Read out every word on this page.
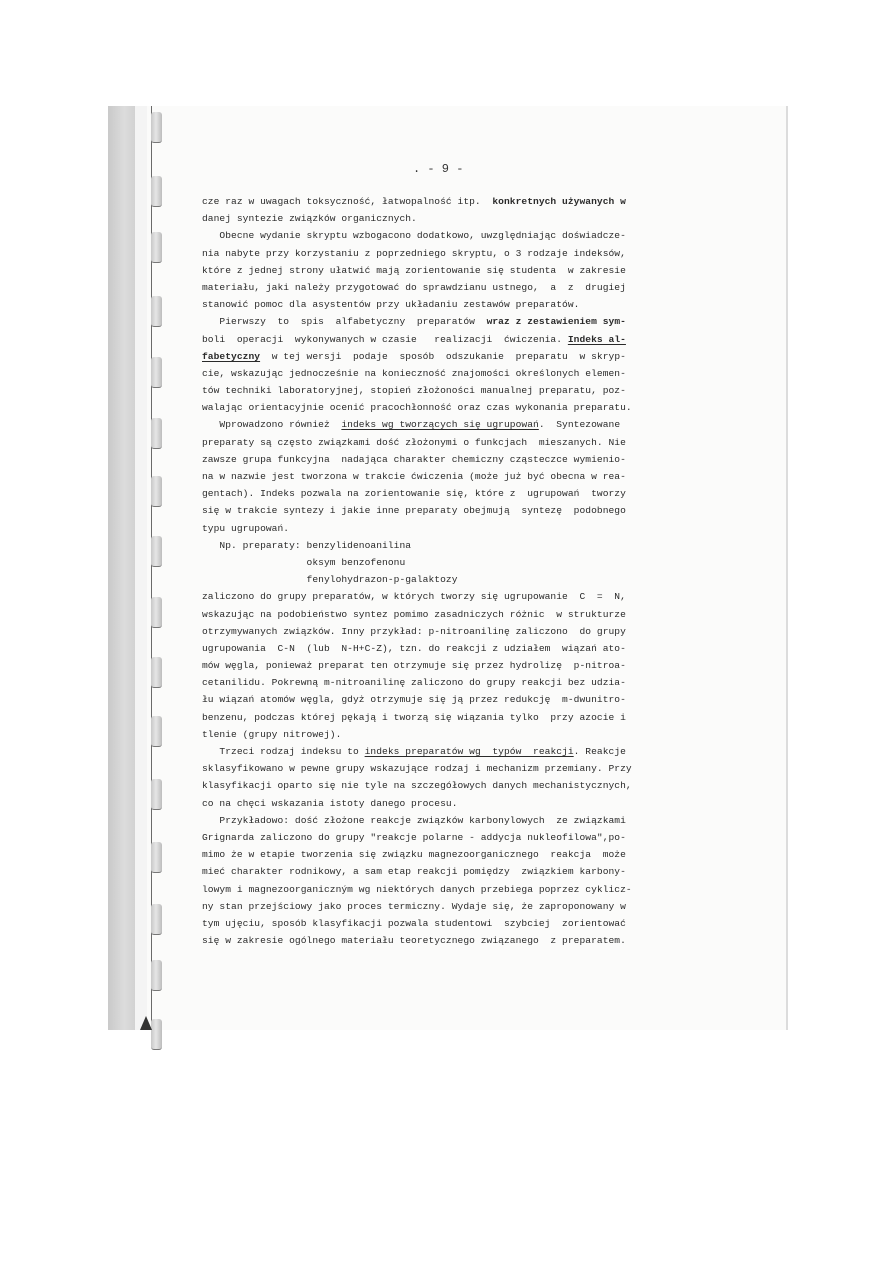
. - 9 -
cze raz w uwagach toksyczność, łatwopalność itp.  konkretnych używanych w
danej syntezie związków organicznych.
Obecne wydanie skryptu wzbogacono dodatkowo, uwzględniając doświadcze-
nia nabyte przy korzystaniu z poprzedniego skryptu, o 3 rodzaje indeksów,
które z jednej strony ułatwić mają zorientowanie się studenta  w zakresie
materiału, jaki należy przygotować do sprawdzianu ustnego,  a  z  drugiej
stanowić pomoc dla asystentów przy układaniu zestawów preparatów.
Pierwszy  to  spis  alfabetyczny  preparatów  wraz z zestawieniem sym-
boli  operacji  wykonywanych w czasie   realizacji  ćwiczenia. Indeks al-
fabetyczny  w tej wersji  podaje  sposób  odszukanie  preparatu  w skryp-
cie, wskazując jednocześnie na konieczność znajomości określonych elemen-
tów techniki laboratoryjnej, stopień złożoności manualnej preparatu, poz-
walając orientacyjnie ocenić pracochłonność oraz czas wykonania preparatu.
Wprowadzono również  indeks wg tworzących się ugrupowań.  Syntezowane
preparaty są często związkami dość złożonymi o funkcjach  mieszanych. Nie
zawsze grupa funkcyjna  nadająca charakter chemiczny cząsteczce wymienio-
na w nazwie jest tworzona w trakcie ćwiczenia (może już być obecna w rea-
gentach). Indeks pozwala na zorientowanie się, które z  ugrupowań  tworzy
się w trakcie syntezy i jakie inne preparaty obejmują  syntezę  podobnego
typu ugrupowań.
Np. preparaty: benzylidenoanilina
oksym benzofenonu
fenylohydrazon-p-galaktozy
zaliczono do grupy preparatów, w których tworzy się ugrupowanie  C  =  N,
wskazując na podobieństwo syntez pomimo zasadniczych różnic  w strukturze
otrzymywanych związków. Inny przykład: p-nitroanilinę zaliczono  do grupy
ugrupowania  C-N  (lub  N-H+C-Z), tzn. do reakcji z udziałem  wiązań ato-
mów węgla, ponieważ preparat ten otrzymuje się przez hydrolizę  p-nitroa-
cetanilidu. Pokrewną m-nitroanilinę zaliczono do grupy reakcji bez udzia-
łu wiązań atomów węgla, gdyż otrzymuje się ją przez redukcję  m-dwunitro-
benzenu, podczas której pękają i tworzą się wiązania tylko  przy azocie i
tlenie (grupy nitrowej).
Trzeci rodzaj indeksu to indeks preparatów wg  typów  reakcji. Reakcje
sklasyfikowano w pewne grupy wskazujące rodzaj i mechanizm przemiany. Przy
klasyfikacji oparto się nie tyle na szczegółowych danych mechanistycznych,
co na chęci wskazania istoty danego procesu.
Przykładowo: dość złożone reakcje związków karbonylowych  ze związkami
Grignarda zaliczono do grupy "reakcje polarne - addycja nukleofilowa",po-
mimo że w etapie tworzenia się związku magnezoorganicznego  reakcja  może
mieć charakter rodnikowy, a sam etap reakcji pomiędzy  związkiem karbony-
lowym i magnezoorganiczným wg niektórych danych przebiega poprzez cyklicz-
ny stan przejściowy jako proces termiczny. Wydaje się, że zaproponowany w
tym ujęciu, sposób klasyfikacji pozwala studentowi  szybciej  zorientować
się w zakresie ogólnego materiału teoretycznego związanego  z preparatem.
